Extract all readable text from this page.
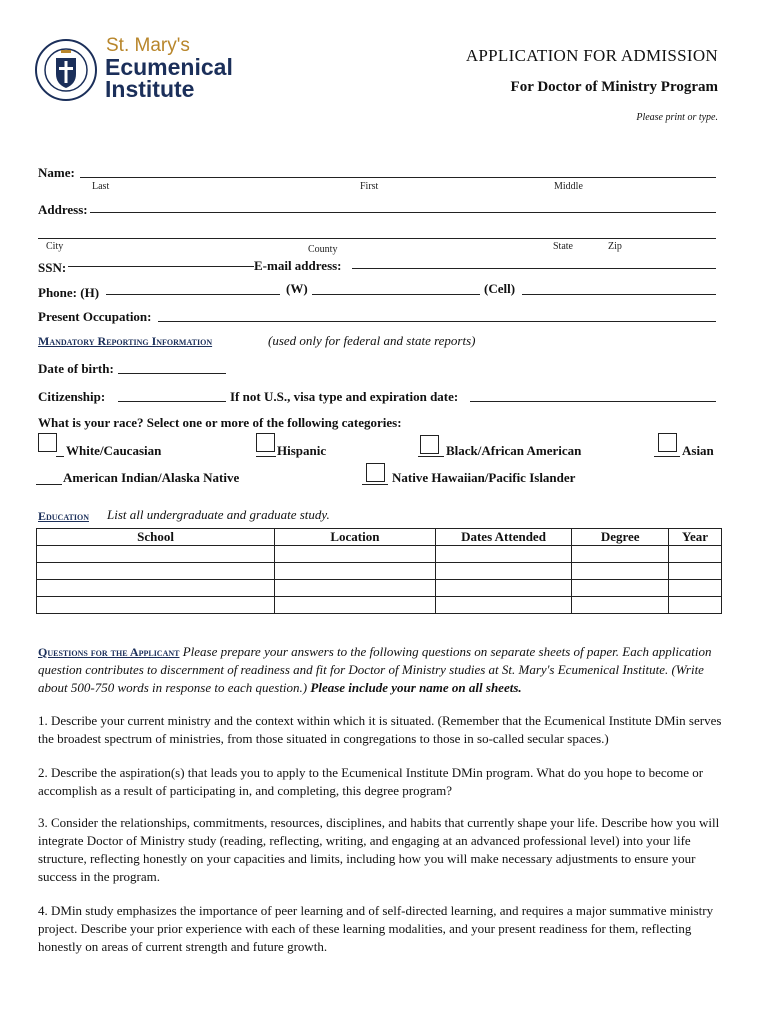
St. Mary's
Ecumenical
Institute
APPLICATION FOR ADMISSION
For Doctor of Ministry Program
Please print or type.
Name:
Last	First	Middle
Address:
City	County	State	Zip
SSN:	E-mail address:
Phone: (H)	(W)	(Cell)
Present Occupation:
Mandatory Reporting Information	(used only for federal and state reports)
Date of birth:
Citizenship:	If not U.S., visa type and expiration date:
What is your race? Select one or more of the following categories:
White/Caucasian	Hispanic	Black/African American	Asian
American Indian/Alaska Native	Native Hawaiian/Pacific Islander
Education List all undergraduate and graduate study.
School	Location	Dates Attended	Degree	Year

Questions for the Applicant Please prepare your answers to the following questions on separate sheets of paper. Each application question contributes to discernment of readiness and fit for Doctor of Ministry studies at St. Mary's Ecumenical Institute. (Write about 500-750 words in response to each question.) Please include your name on all sheets.
1. Describe your current ministry and the context within which it is situated. (Remember that the Ecumenical Institute DMin serves the broadest spectrum of ministries, from those situated in congregations to those in so-called secular spaces.)
2. Describe the aspiration(s) that leads you to apply to the Ecumenical Institute DMin program. What do you hope to become or accomplish as a result of participating in, and completing, this degree program?
3. Consider the relationships, commitments, resources, disciplines, and habits that currently shape your life. Describe how you will integrate Doctor of Ministry study (reading, reflecting, writing, and engaging at an advanced professional level) into your life structure, reflecting honestly on your capacities and limits, including how you will make necessary adjustments to ensure your success in the program.
4. DMin study emphasizes the importance of peer learning and of self-directed learning, and requires a major summative ministry project. Describe your prior experience with each of these learning modalities, and your present readiness for them, reflecting honestly on areas of current strength and future growth.
